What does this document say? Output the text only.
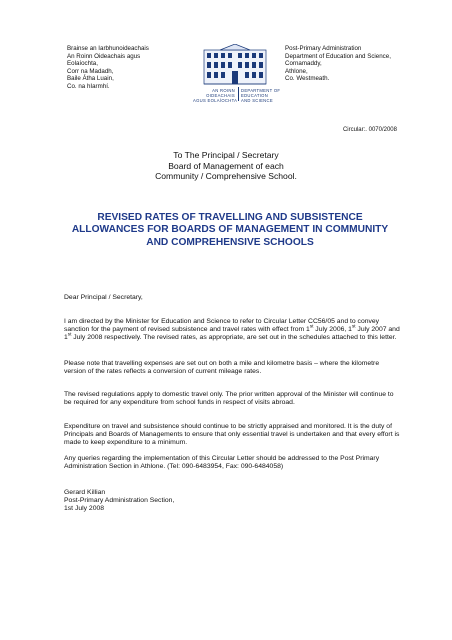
Brainse an Iarbhunoideachais
An Roinn Oideachais agus
Eolaíochta,
Corr na Madadh,
Baile Átha Luain,
Co. na hIarmhí.
AN ROINN
OIDEACHAIS
AGUS EOLAÍOCHTA
DEPARTMENT OF
EDUCATION
AND SCIENCE
Post-Primary Administration
Department of Education and Science,
Cornamaddy,
Athlone,
Co. Westmeath.
Circular:. 0070/2008
To The Principal / Secretary
Board of Management of each
Community / Comprehensive School.
REVISED RATES OF TRAVELLING AND SUBSISTENCE ALLOWANCES FOR BOARDS OF MANAGEMENT IN COMMUNITY AND COMPREHENSIVE SCHOOLS
Dear Principal / Secretary,

I am directed by the Minister for Education and Science to refer to Circular Letter CC56/05 and to convey sanction for the payment of revised subsistence and travel rates with effect from 1st July 2006, 1st July 2007 and 1st July 2008 respectively. The revised rates, as appropriate, are set out in the schedules attached to this letter.

Please note that travelling expenses are set out on both a mile and kilometre basis – where the kilometre version of the rates reflects a conversion of current mileage rates.
The revised regulations apply to domestic travel only. The prior written approval of the Minister will continue to be required for any expenditure from school funds in respect of visits abroad.
Expenditure on travel and subsistence should continue to be strictly appraised and monitored. It is the duty of Principals and Boards of Managements to ensure that only essential travel is undertaken and that every effort is made to keep expenditure to a minimum.
Any queries regarding the implementation of this Circular Letter should be addressed to the Post Primary Administration Section in Athlone. (Tel: 090-6483954, Fax: 090-6484058)
Gerard Killian
Post-Primary Administration Section,
1st July 2008
